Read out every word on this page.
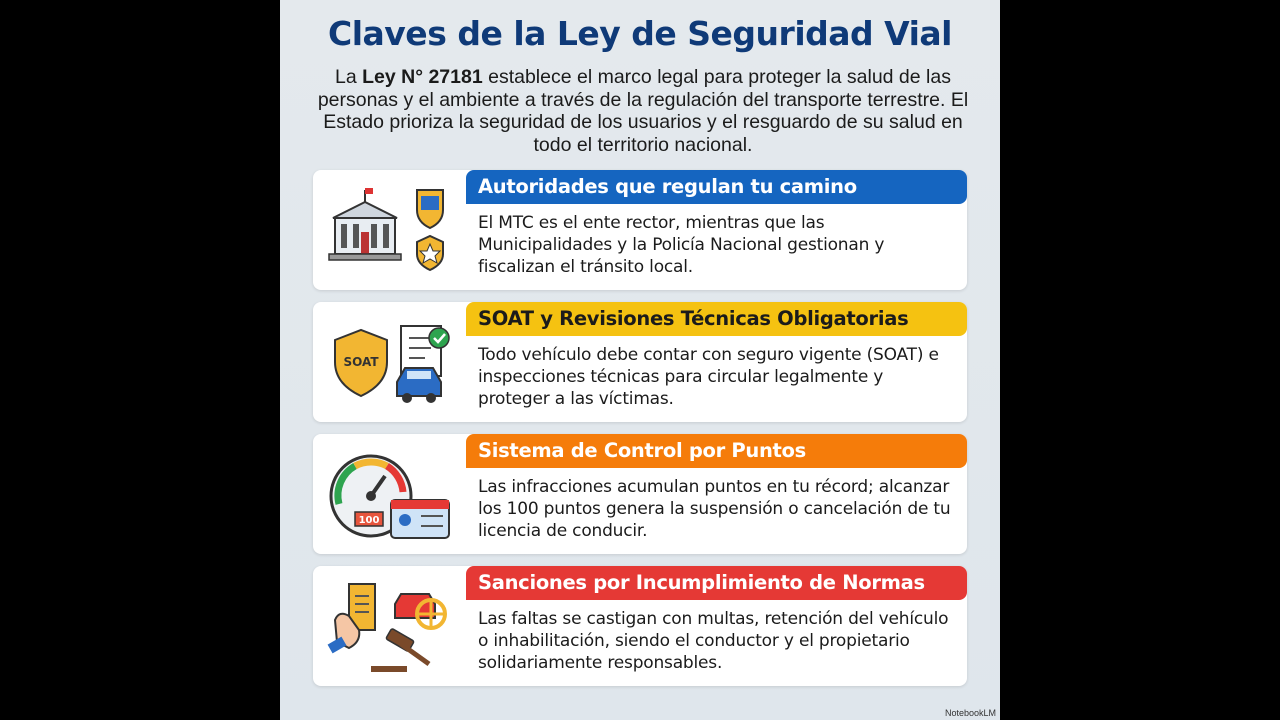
Claves de la Ley de Seguridad Vial
La Ley N° 27181 establece el marco legal para proteger la salud de las personas y el ambiente a través de la regulación del transporte terrestre. El Estado prioriza la seguridad de los usuarios y el resguardo de su salud en todo el territorio nacional.
Autoridades que regulan tu camino
El MTC es el ente rector, mientras que las Municipalidades y la Policía Nacional gestionan y fiscalizan el tránsito local.
SOAT
SOAT y Revisiones Técnicas Obligatorias
Todo vehículo debe contar con seguro vigente (SOAT) e inspecciones técnicas para circular legalmente y proteger a las víctimas.
100
Sistema de Control por Puntos
Las infracciones acumulan puntos en tu récord; alcanzar los 100 puntos genera la suspensión o cancelación de tu licencia de conducir.
Sanciones por Incumplimiento de Normas
Las faltas se castigan con multas, retención del vehículo o inhabilitación, siendo el conductor y el propietario solidariamente responsables.
NotebookLM
